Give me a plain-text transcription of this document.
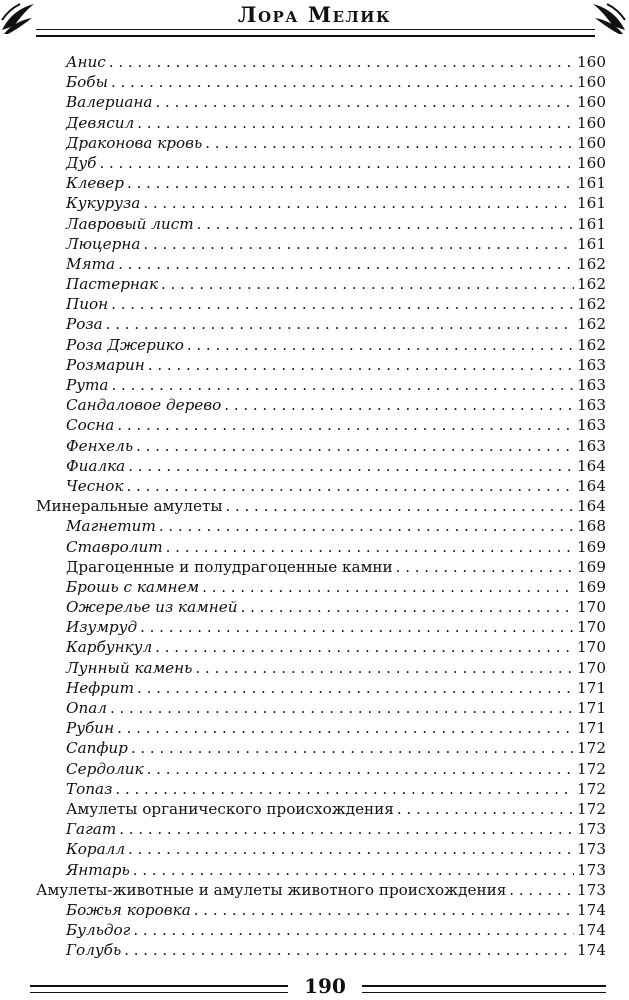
Лора Мелик
Анис . . .	160
Бобы . . .	160
Валериана . . .	160
Девясил . . .	160
Драконова кровь . . .	160
Дуб . . .	160
Клевер . . .	161
Кукуруза . . .	161
Лавровый лист . . .	161
Люцерна . . .	161
Мята . . .	162
Пастернак . . .	162
Пион . . .	162
Роза . . .	162
Роза Джерико . . .	162
Розмарин . . .	163
Рута . . .	163
Сандаловое дерево . . .	163
Сосна . . .	163
Фенхель . . .	163
Фиалка . . .	164
Чеснок . . .	164
Минеральные амулеты . . .	164
Магнетит . . .	168
Ставролит . . .	169
Драгоценные и полудрагоценные камни . . .	169
Брошь с камнем . . .	169
Ожерелье из камней . . .	170
Изумруд . . .	170
Карбункул . . .	170
Лунный камень . . .	170
Нефрит . . .	171
Опал . . .	171
Рубин . . .	171
Сапфир . . .	172
Сердолик . . .	172
Топаз . . .	172
Амулеты органического происхождения . . .	172
Гагат . . .	173
Коралл . . .	173
Янтарь . . .	173
Амулеты-животные и амулеты животного происхождения . . .	173
Божья коровка . . .	174
Бульдог . . .	174
Голубь . . .	174
190
